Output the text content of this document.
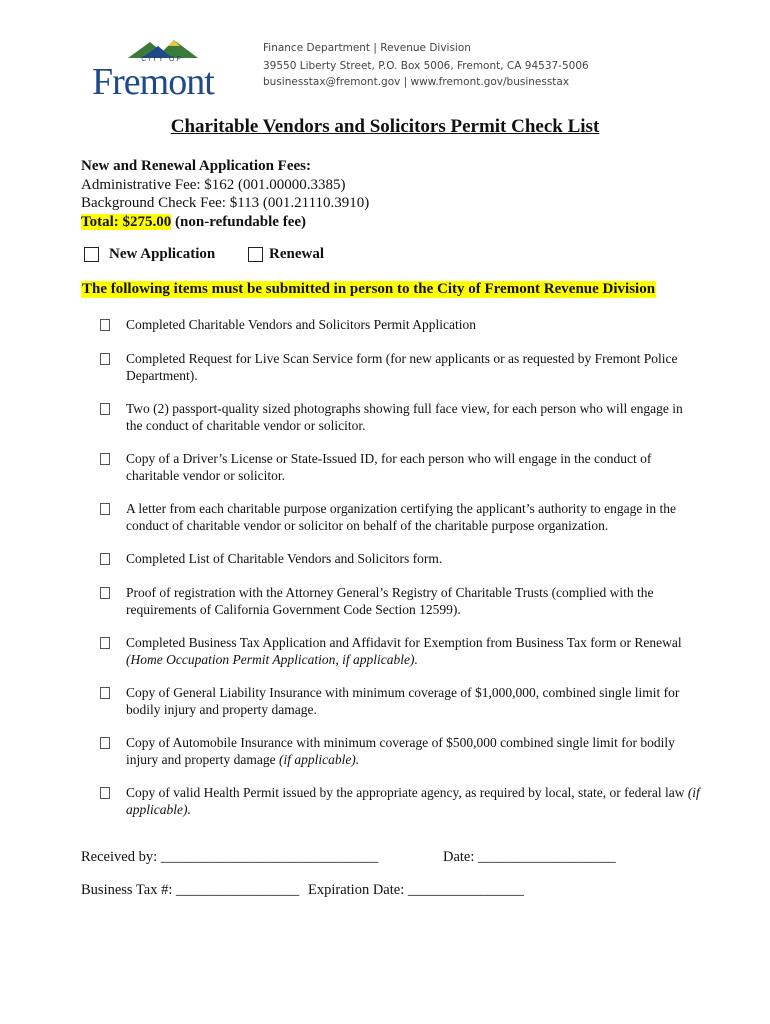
CITY OF
Fremont
Finance Department | Revenue Division
39550 Liberty Street, P.O. Box 5006, Fremont, CA 94537-5006
businesstax@fremont.gov | www.fremont.gov/businesstax
Charitable Vendors and Solicitors Permit Check List
New and Renewal Application Fees:
Administrative Fee: $162 (001.00000.3385)
Background Check Fee: $113 (001.21110.3910)
Total: $275.00 (non-refundable fee)
New Application	Renewal
The following items must be submitted in person to the City of Fremont Revenue Division
Completed Charitable Vendors and Solicitors Permit Application
Completed Request for Live Scan Service form (for new applicants or as requested by Fremont Police Department).
Two (2) passport-quality sized photographs showing full face view, for each person who will engage in the conduct of charitable vendor or solicitor.
Copy of a Driver’s License or State-Issued ID, for each person who will engage in the conduct of charitable vendor or solicitor.
A letter from each charitable purpose organization certifying the applicant’s authority to engage in the conduct of charitable vendor or solicitor on behalf of the charitable purpose organization.
Completed List of Charitable Vendors and Solicitors form.
Proof of registration with the Attorney General’s Registry of Charitable Trusts (complied with the requirements of California Government Code Section 12599).
Completed Business Tax Application and Affidavit for Exemption from Business Tax form or Renewal (Home Occupation Permit Application, if applicable).
Copy of General Liability Insurance with minimum coverage of $1,000,000, combined single limit for bodily injury and property damage.
Copy of Automobile Insurance with minimum coverage of $500,000 combined single limit for bodily injury and property damage (if applicable).
Copy of valid Health Permit issued by the appropriate agency, as required by local, state, or federal law (if applicable).
Received by: ______________________________	Date: ___________________
Business Tax #: _________________ Expiration Date: ________________
